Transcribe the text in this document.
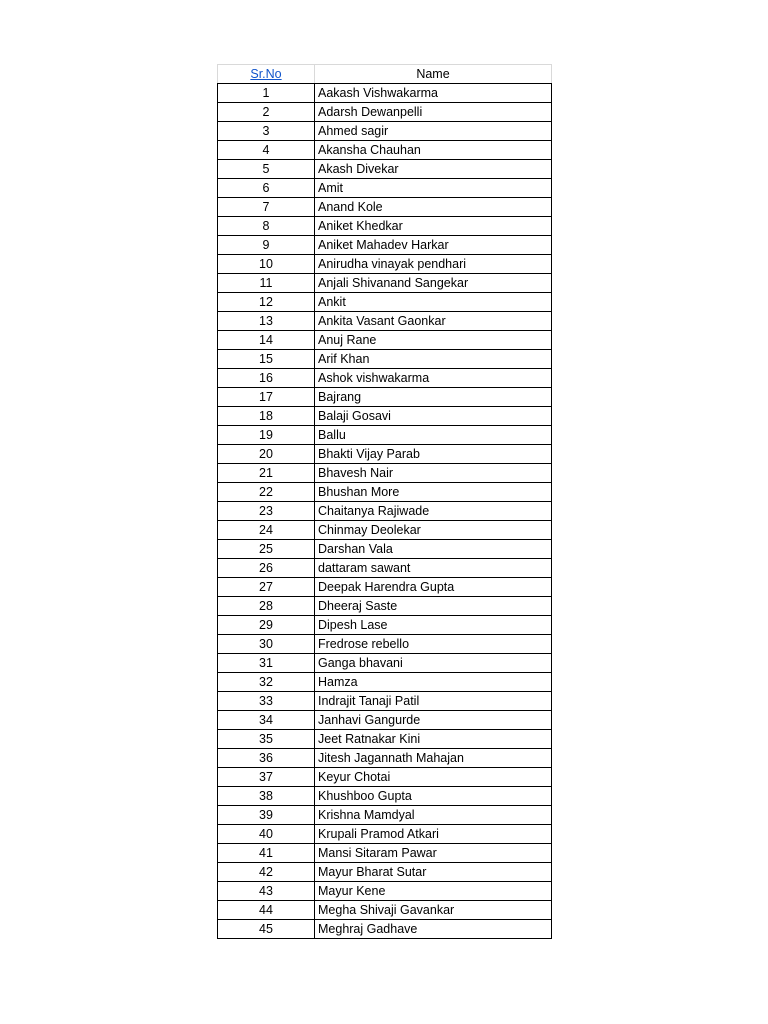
Sr.No	Name
1	Aakash Vishwakarma
2	Adarsh Dewanpelli
3	Ahmed sagir
4	Akansha Chauhan
5	Akash Divekar
6	Amit
7	Anand Kole
8	Aniket Khedkar
9	Aniket Mahadev Harkar
10	Anirudha vinayak pendhari
11	Anjali Shivanand Sangekar
12	Ankit
13	Ankita Vasant Gaonkar
14	Anuj Rane
15	Arif Khan
16	Ashok vishwakarma
17	Bajrang
18	Balaji Gosavi
19	Ballu
20	Bhakti Vijay Parab
21	Bhavesh Nair
22	Bhushan More
23	Chaitanya Rajiwade
24	Chinmay Deolekar
25	Darshan Vala
26	dattaram sawant
27	Deepak Harendra Gupta
28	Dheeraj Saste
29	Dipesh Lase
30	Fredrose rebello
31	Ganga bhavani
32	Hamza
33	Indrajit Tanaji Patil
34	Janhavi Gangurde
35	Jeet Ratnakar Kini
36	Jitesh Jagannath Mahajan
37	Keyur Chotai
38	Khushboo Gupta
39	Krishna Mamdyal
40	Krupali Pramod Atkari
41	Mansi Sitaram Pawar
42	Mayur Bharat Sutar
43	Mayur Kene
44	Megha Shivaji Gavankar
45	Meghraj Gadhave
